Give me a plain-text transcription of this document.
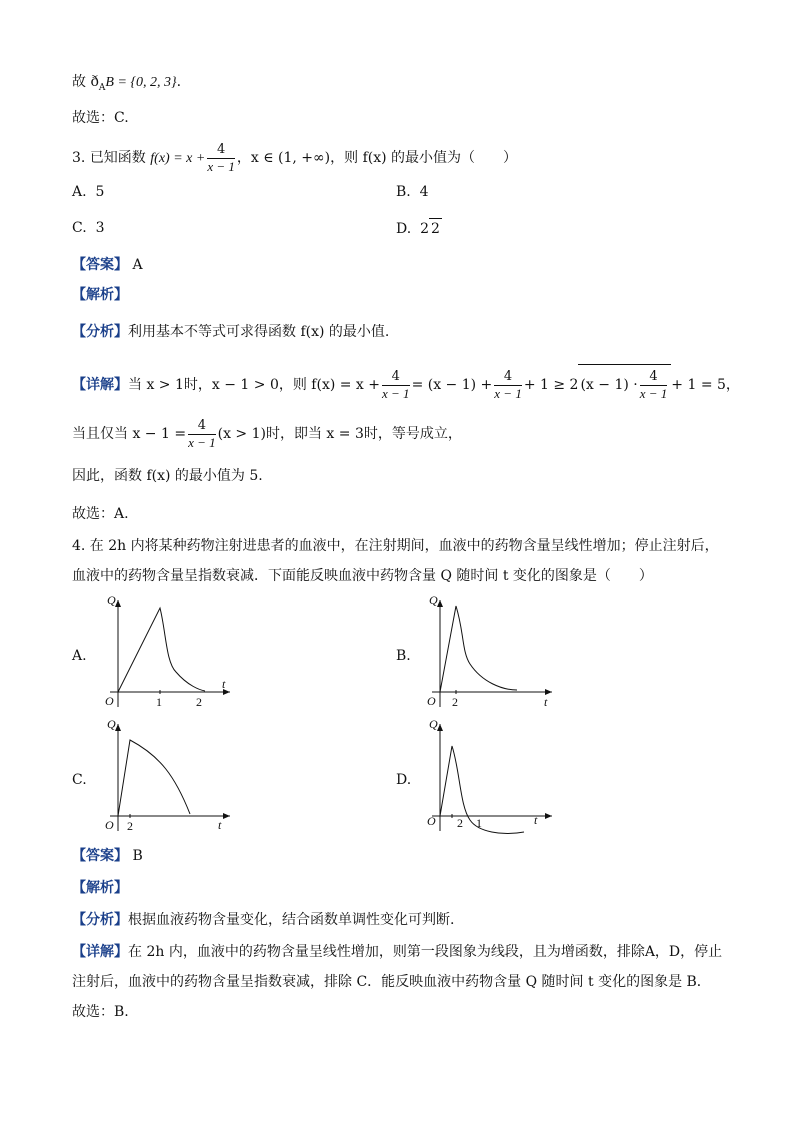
故 $ð_AB = \{0$, 2, 3}.
故选：C.
3. 已知函数 $f(x) = x + \frac{4}{x - 1}$ ，x ∈ (1, +∞)，则 f(x) 的最小值为（　　）
A. 5	B. 4
C. 3	D. 2 2
【答案】 A
【解析】
【分析】利用基本不等式可求得函数 f(x) 的最小值.
【详解】当 x > 1时，x − 1 > 0，则 $f(x) = x + \frac{4}{x - 1} = (x - 1) + \frac{4}{x - 1} + 1 \ge 2$ $(x - 1) \cdot \frac{4}{x - 1} + 1 = 5$，
当且仅当 $x - 1 = \frac{4}{x - 1} (x > 1)$时，即当 x = 3时，等号成立，
因此，函数 f(x) 的最小值为 5.
故选：A.
4. 在 2h 内将某种药物注射进患者的血液中，在注射期间，血液中的药物含量呈线性增加；停止注射后，
血液中的药物含量呈指数衰减．下面能反映血液中药物含量 Q 随时间 t 变化的图象是（　　）
A.
Q
t
O	1	2
B.
Q
t
O 2
C.
Q
t
O 2
D.
Q
t
O 2 1
【答案】 B
【解析】
【分析】根据血液药物含量变化，结合函数单调性变化可判断.
【详解】在 2h 内，血液中的药物含量呈线性增加，则第一段图象为线段，且为增函数，排除A，D，停止
注射后，血液中的药物含量呈指数衰减，排除 C．能反映血液中药物含量 Q 随时间 t 变化的图象是 B．
故选：B.
